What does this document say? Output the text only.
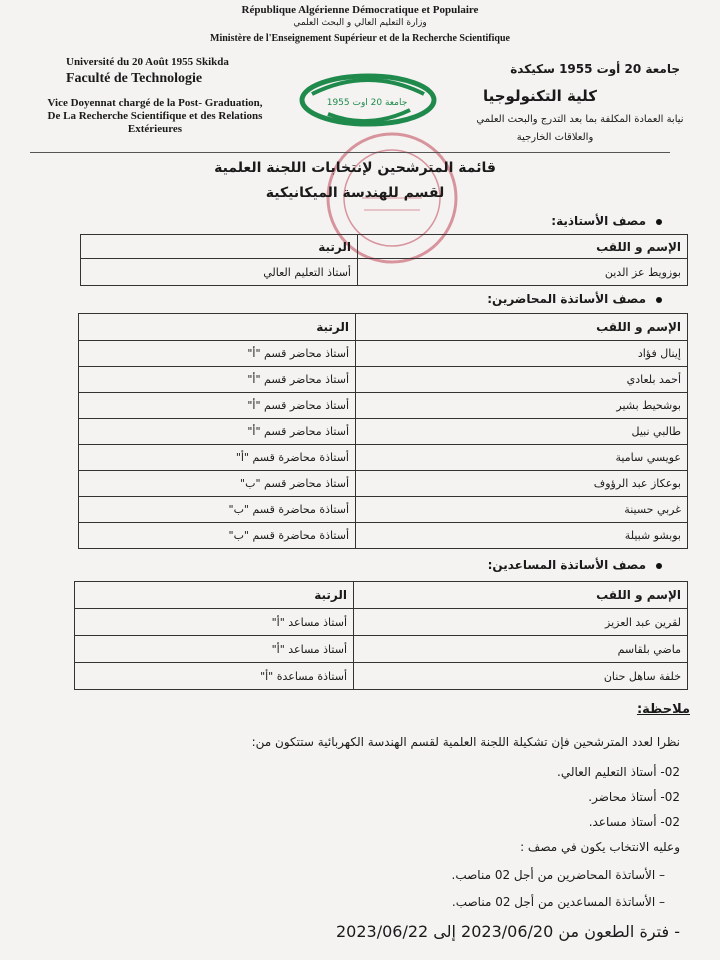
République Algérienne Démocratique et Populaire
وزارة التعليم العالي و البحث العلمي
Ministère de l'Enseignement Supérieur et de la Recherche Scientifique
Université du 20 Août 1955 Skikda
Faculté de Technologie
Vice Doyennat chargé de la Post- Graduation,
De La Recherche Scientifique et des Relations
Extérieures
جامعة 20 أوت 1955 سكيكدة
كلية التكنولوجيا
نيابة العمادة المكلفة بما بعد التدرج والبحث العلمي
والعلاقات الخارجية
جامعة 20 اوت 1955
قائمة المترشحين لإنتخابات اللجنة العلمية
لقسم للهندسة الميكانيكية
مصف الأستاذية:
الإسم و اللقب	الرتبة
بوزويط عز الدين	أستاذ التعليم العالي
مصف الأساتذة المحاضرين:
الإسم و اللقب	الرتبة
إينال فؤاد	أستاذ محاضر قسم "أ"
أحمد بلعادي	أستاذ محاضر قسم "أ"
بوشحيط بشير	أستاذ محاضر قسم "أ"
طالبي نبيل	أستاذ محاضر قسم "أ"
عويسي سامية	أستاذة محاضرة قسم "أ"
بوعكاز عبد الرؤوف	أستاذ محاضر قسم "ب"
غربي حسينة	أستاذة محاضرة قسم "ب"
بوبشو شبيلة	أستاذة محاضرة قسم "ب"
مصف الأساتذة المساعدين:
الإسم و اللقب	الرتبة
لقرين عبد العزيز	أستاذ مساعد "أ"
ماضي بلقاسم	أستاذ مساعد "أ"
خلفة ساهل حنان	أستاذة مساعدة "أ"
ملاحظة:
نظرا لعدد المترشحين فإن تشكيلة اللجنة العلمية لقسم الهندسة الكهربائية ستتكون من:
02- أستاذ التعليم العالي.
02- أستاذ محاضر.
02- أستاذ مساعد.
وعليه الانتخاب يكون في مصف :
– الأساتذة المحاضرين من أجل 02 مناصب.
– الأساتذة المساعدين من أجل 02 مناصب.
- فترة الطعون من 2023/06/20 إلى 2023/06/22
